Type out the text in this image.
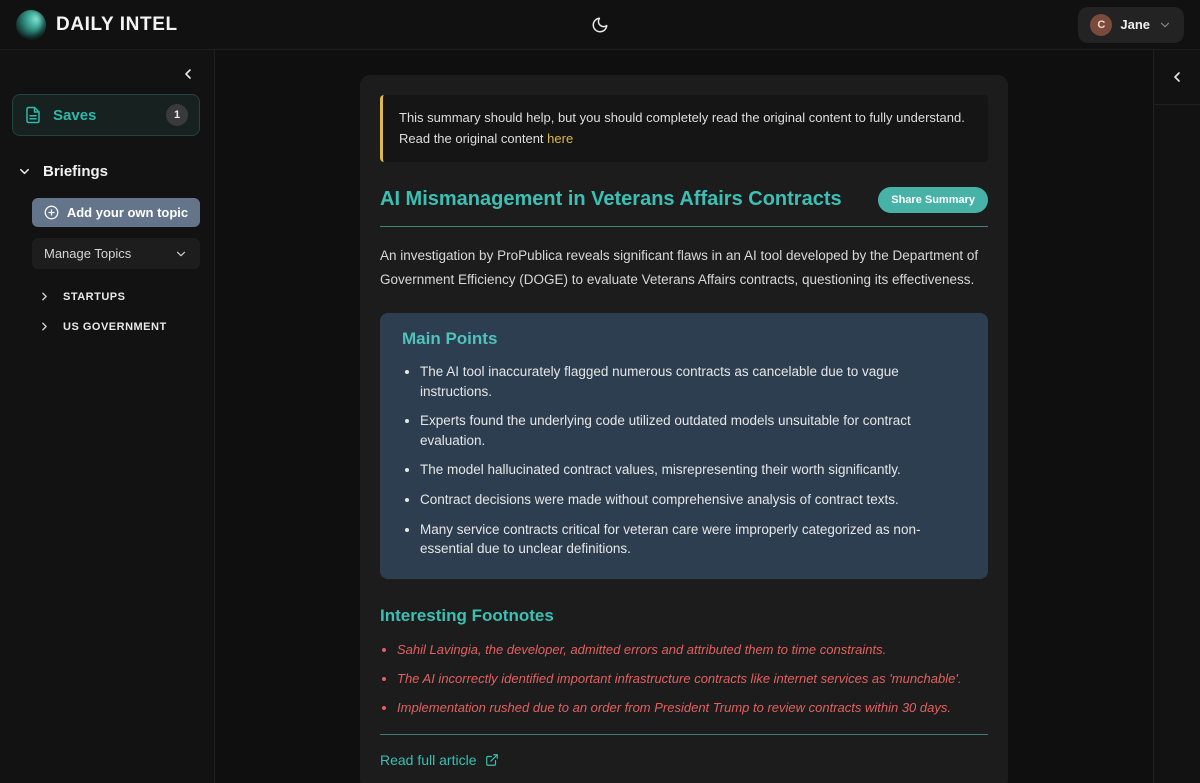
DAILY INTEL	C	Jane
Saves	1
Briefings
Add your own topic
Manage Topics
STARTUPS
US GOVERNMENT
This summary should help, but you should completely read the original content to fully understand.
Read the original content here
AI Mismanagement in Veterans Affairs Contracts	Share Summary

An investigation by ProPublica reveals significant flaws in an AI tool developed by the Department of Government Efficiency (DOGE) to evaluate Veterans Affairs contracts, questioning its effectiveness.

Main Points
• The AI tool inaccurately flagged numerous contracts as cancelable due to vague instructions.
• Experts found the underlying code utilized outdated models unsuitable for contract evaluation.
• The model hallucinated contract values, misrepresenting their worth significantly.
• Contract decisions were made without comprehensive analysis of contract texts.
• Many service contracts critical for veteran care were improperly categorized as non-essential due to unclear definitions.
Interesting Footnotes
• Sahil Lavingia, the developer, admitted errors and attributed them to time constraints.
• The AI incorrectly identified important infrastructure contracts like internet services as 'munchable'.
• Implementation rushed due to an order from President Trump to review contracts within 30 days.
Read full article
